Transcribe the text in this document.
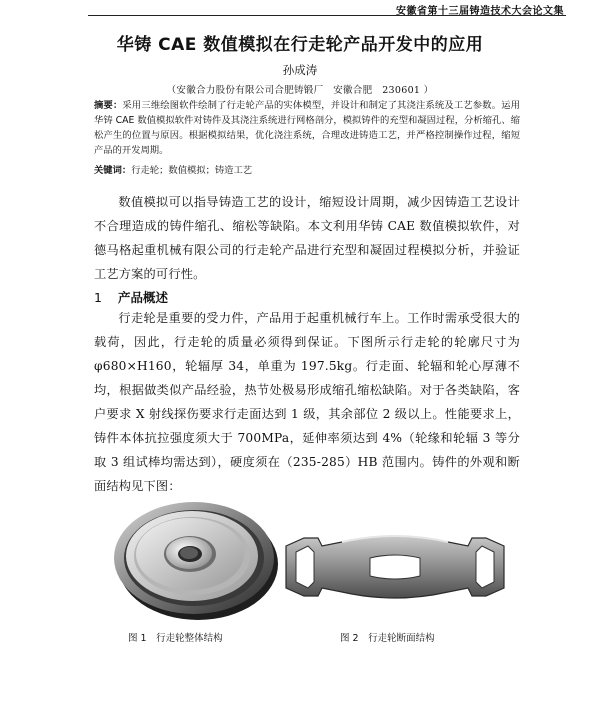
安徽省第十三届铸造技术大会论文集
华铸 CAE 数值模拟在行走轮产品开发中的应用
孙成涛
（安徽合力股份有限公司合肥铸锻厂　安徽合肥　230601 ）
摘要：采用三维绘图软件绘制了行走轮产品的实体模型，并设计和制定了其浇注系统及工艺参数。运用华铸 CAE 数值模拟软件对铸件及其浇注系统进行网格剖分，模拟铸件的充型和凝固过程，分析缩孔、缩松产生的位置与原因。根据模拟结果，优化浇注系统，合理改进铸造工艺，并严格控制操作过程，缩短产品的开发周期。
关键词：行走轮；数值模拟；铸造工艺
数值模拟可以指导铸造工艺的设计，缩短设计周期，减少因铸造工艺设计不合理造成的铸件缩孔、缩松等缺陷。本文利用华铸 CAE 数值模拟软件，对德马格起重机械有限公司的行走轮产品进行充型和凝固过程模拟分析，并验证工艺方案的可行性。
1 产品概述
行走轮是重要的受力件，产品用于起重机械行车上。工作时需承受很大的载荷，因此，行走轮的质量必须得到保证。下图所示行走轮的轮廓尺寸为φ680×H160，轮辐厚 34，单重为 197.5kg。行走面、轮辐和轮心厚薄不均，根据做类似产品经验，热节处极易形成缩孔缩松缺陷。对于各类缺陷，客户要求 X 射线探伤要求行走面达到 1 级，其余部位 2 级以上。性能要求上，铸件本体抗拉强度须大于 700MPa，延伸率须达到 4%（轮缘和轮辐 3 等分取 3 组试棒均需达到），硬度须在（235-285）HB 范围内。铸件的外观和断面结构见下图：
图 1　行走轮整体结构	图 2　行走轮断面结构
